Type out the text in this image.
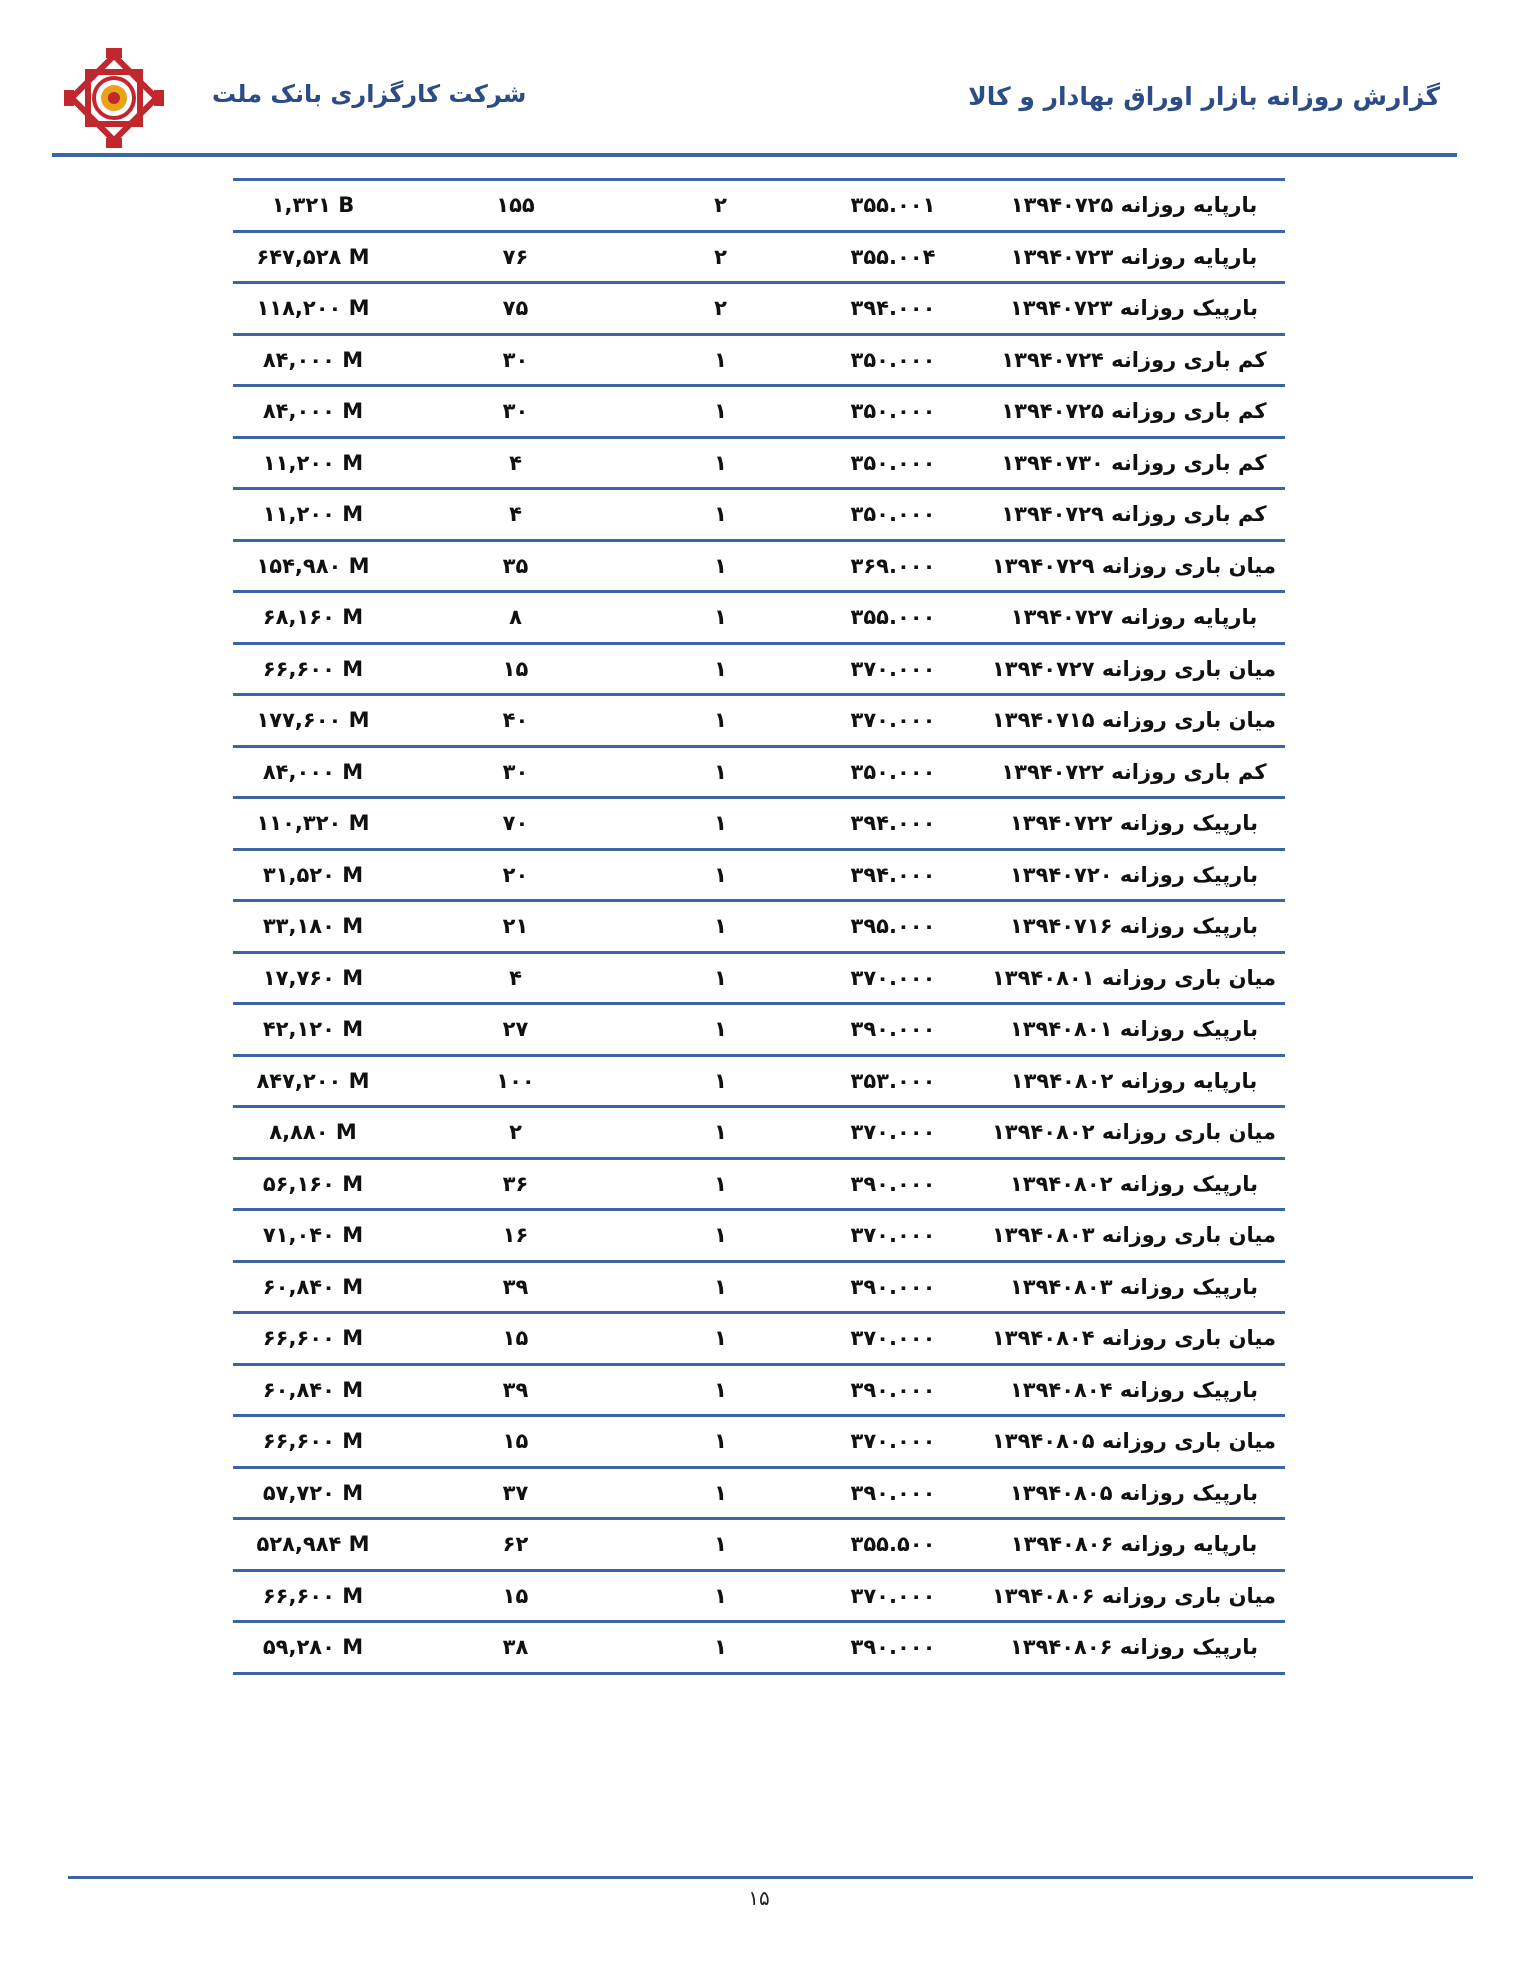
گزارش روزانه بازار اوراق بهادار و کالا
شرکت کارگزاری بانک ملت
۱,۳۲۱ B	۱۵۵	۲	۳۵۵.۰۰۱	بارپایه روزانه ۱۳۹۴۰۷۲۵
۶۴۷,۵۲۸ M	۷۶	۲	۳۵۵.۰۰۴	بارپایه روزانه ۱۳۹۴۰۷۲۳
۱۱۸,۲۰۰ M	۷۵	۲	۳۹۴.۰۰۰	بارپیک روزانه ۱۳۹۴۰۷۲۳
۸۴,۰۰۰ M	۳۰	۱	۳۵۰.۰۰۰	کم باری روزانه ۱۳۹۴۰۷۲۴
۸۴,۰۰۰ M	۳۰	۱	۳۵۰.۰۰۰	کم باری روزانه ۱۳۹۴۰۷۲۵
۱۱,۲۰۰ M	۴	۱	۳۵۰.۰۰۰	کم باری روزانه ۱۳۹۴۰۷۳۰
۱۱,۲۰۰ M	۴	۱	۳۵۰.۰۰۰	کم باری روزانه ۱۳۹۴۰۷۲۹
۱۵۴,۹۸۰ M	۳۵	۱	۳۶۹.۰۰۰	میان باری روزانه ۱۳۹۴۰۷۲۹
۶۸,۱۶۰ M	۸	۱	۳۵۵.۰۰۰	بارپایه روزانه ۱۳۹۴۰۷۲۷
۶۶,۶۰۰ M	۱۵	۱	۳۷۰.۰۰۰	میان باری روزانه ۱۳۹۴۰۷۲۷
۱۷۷,۶۰۰ M	۴۰	۱	۳۷۰.۰۰۰	میان باری روزانه ۱۳۹۴۰۷۱۵
۸۴,۰۰۰ M	۳۰	۱	۳۵۰.۰۰۰	کم باری روزانه ۱۳۹۴۰۷۲۲
۱۱۰,۳۲۰ M	۷۰	۱	۳۹۴.۰۰۰	بارپیک روزانه ۱۳۹۴۰۷۲۲
۳۱,۵۲۰ M	۲۰	۱	۳۹۴.۰۰۰	بارپیک روزانه ۱۳۹۴۰۷۲۰
۳۳,۱۸۰ M	۲۱	۱	۳۹۵.۰۰۰	بارپیک روزانه ۱۳۹۴۰۷۱۶
۱۷,۷۶۰ M	۴	۱	۳۷۰.۰۰۰	میان باری روزانه ۱۳۹۴۰۸۰۱
۴۲,۱۲۰ M	۲۷	۱	۳۹۰.۰۰۰	بارپیک روزانه ۱۳۹۴۰۸۰۱
۸۴۷,۲۰۰ M	۱۰۰	۱	۳۵۳.۰۰۰	بارپایه روزانه ۱۳۹۴۰۸۰۲
۸,۸۸۰ M	۲	۱	۳۷۰.۰۰۰	میان باری روزانه ۱۳۹۴۰۸۰۲
۵۶,۱۶۰ M	۳۶	۱	۳۹۰.۰۰۰	بارپیک روزانه ۱۳۹۴۰۸۰۲
۷۱,۰۴۰ M	۱۶	۱	۳۷۰.۰۰۰	میان باری روزانه ۱۳۹۴۰۸۰۳
۶۰,۸۴۰ M	۳۹	۱	۳۹۰.۰۰۰	بارپیک روزانه ۱۳۹۴۰۸۰۳
۶۶,۶۰۰ M	۱۵	۱	۳۷۰.۰۰۰	میان باری روزانه ۱۳۹۴۰۸۰۴
۶۰,۸۴۰ M	۳۹	۱	۳۹۰.۰۰۰	بارپیک روزانه ۱۳۹۴۰۸۰۴
۶۶,۶۰۰ M	۱۵	۱	۳۷۰.۰۰۰	میان باری روزانه ۱۳۹۴۰۸۰۵
۵۷,۷۲۰ M	۳۷	۱	۳۹۰.۰۰۰	بارپیک روزانه ۱۳۹۴۰۸۰۵
۵۲۸,۹۸۴ M	۶۲	۱	۳۵۵.۵۰۰	بارپایه روزانه ۱۳۹۴۰۸۰۶
۶۶,۶۰۰ M	۱۵	۱	۳۷۰.۰۰۰	میان باری روزانه ۱۳۹۴۰۸۰۶
۵۹,۲۸۰ M	۳۸	۱	۳۹۰.۰۰۰	بارپیک روزانه ۱۳۹۴۰۸۰۶
۱۵
